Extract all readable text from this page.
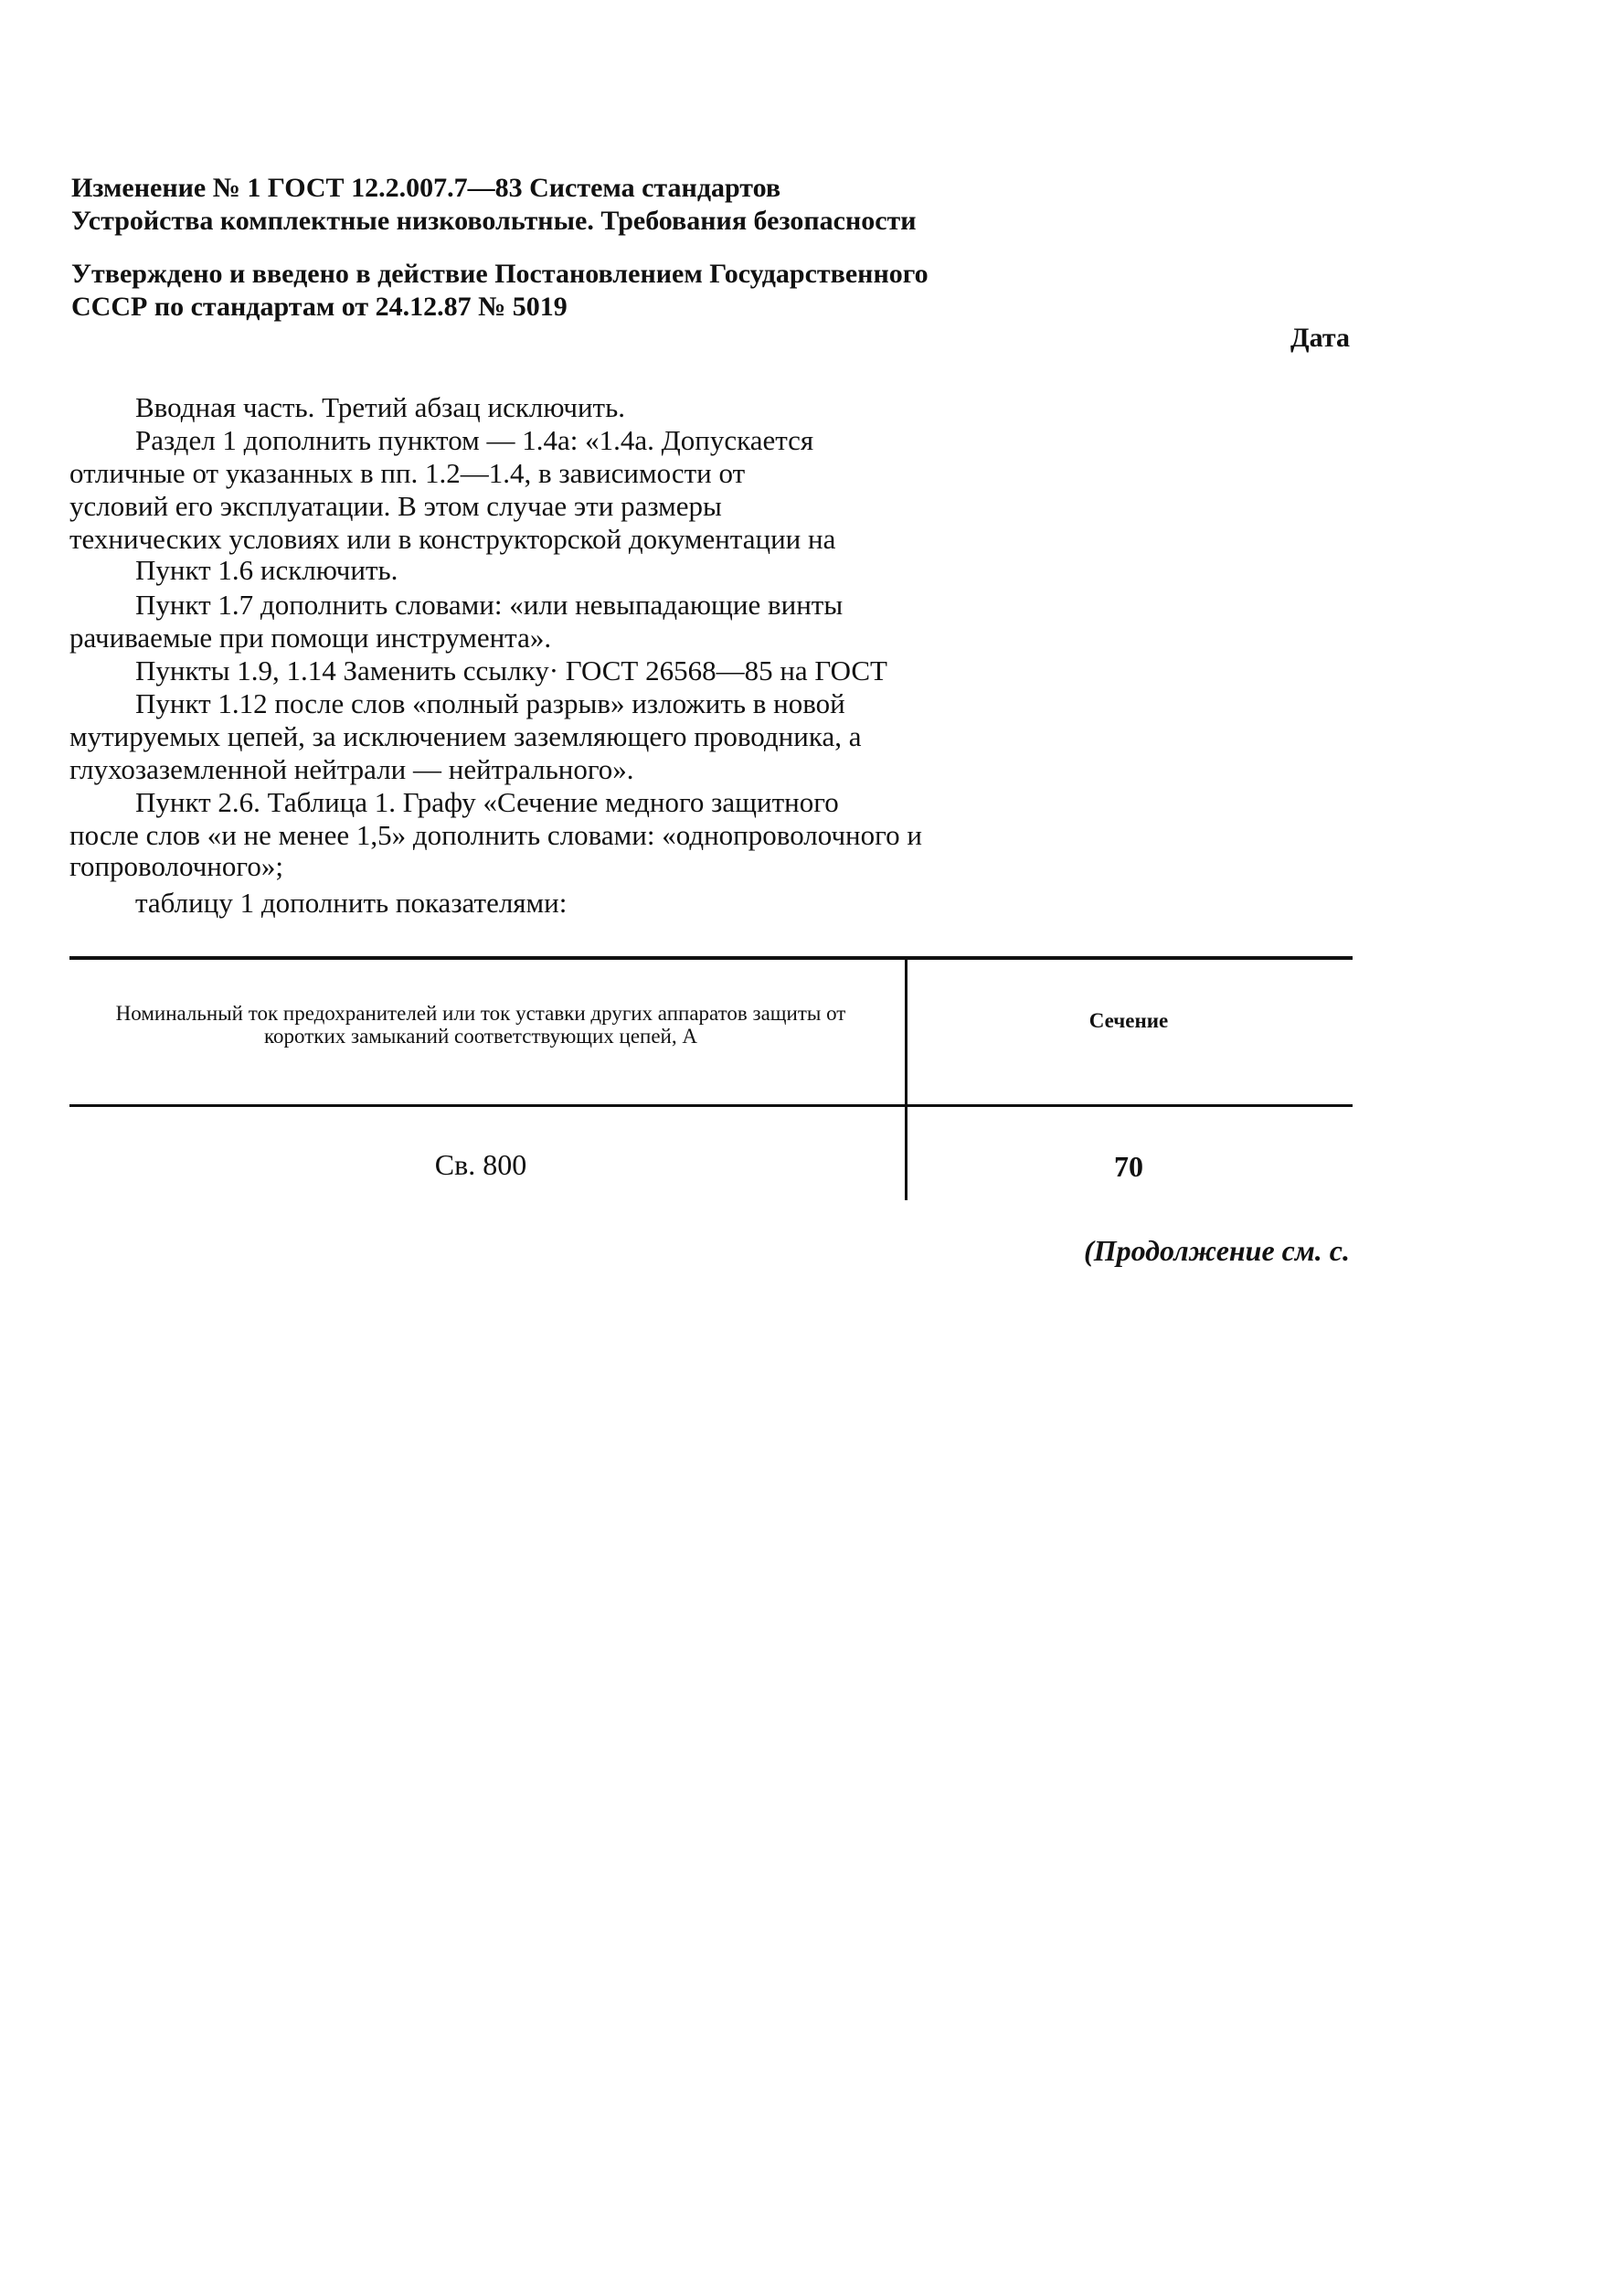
Изменение № 1 ГОСТ 12.2.007.7—83 Система стандартов
Устройства комплектные низковольтные. Требования безопасности
Утверждено и введено в действие Постановлением Государственного
СССР по стандартам от 24.12.87 № 5019
Дата
Вводная часть. Третий абзац исключить.
Раздел 1 дополнить пунктом — 1.4а: «1.4а. Допускается
отличные от указанных в пп. 1.2—1.4, в зависимости от
условий его эксплуатации. В этом случае эти размеры
технических условиях или в конструкторской документации на
Пункт 1.6 исключить.
Пункт 1.7 дополнить словами: «или невыпадающие винты
рачиваемые при помощи инструмента».
Пункты 1.9, 1.14 Заменить ссылку· ГОСТ 26568—85 на ГОСТ
Пункт 1.12 после слов «полный разрыв» изложить в новой
мутируемых цепей, за исключением заземляющего проводника, а
глухозаземленной нейтрали — нейтрального».
Пункт 2.6. Таблица 1. Графу «Сечение медного защитного
после слов «и не менее 1,5» дополнить словами: «однопроволочного и
гопроволочного»;
таблицу 1 дополнить показателями:
Номинальный ток предохранителей или ток уставки других аппаратов защиты от коротких замыканий соответствующих цепей, А
Сечение
Св. 800	70
(Продолжение см. с.
